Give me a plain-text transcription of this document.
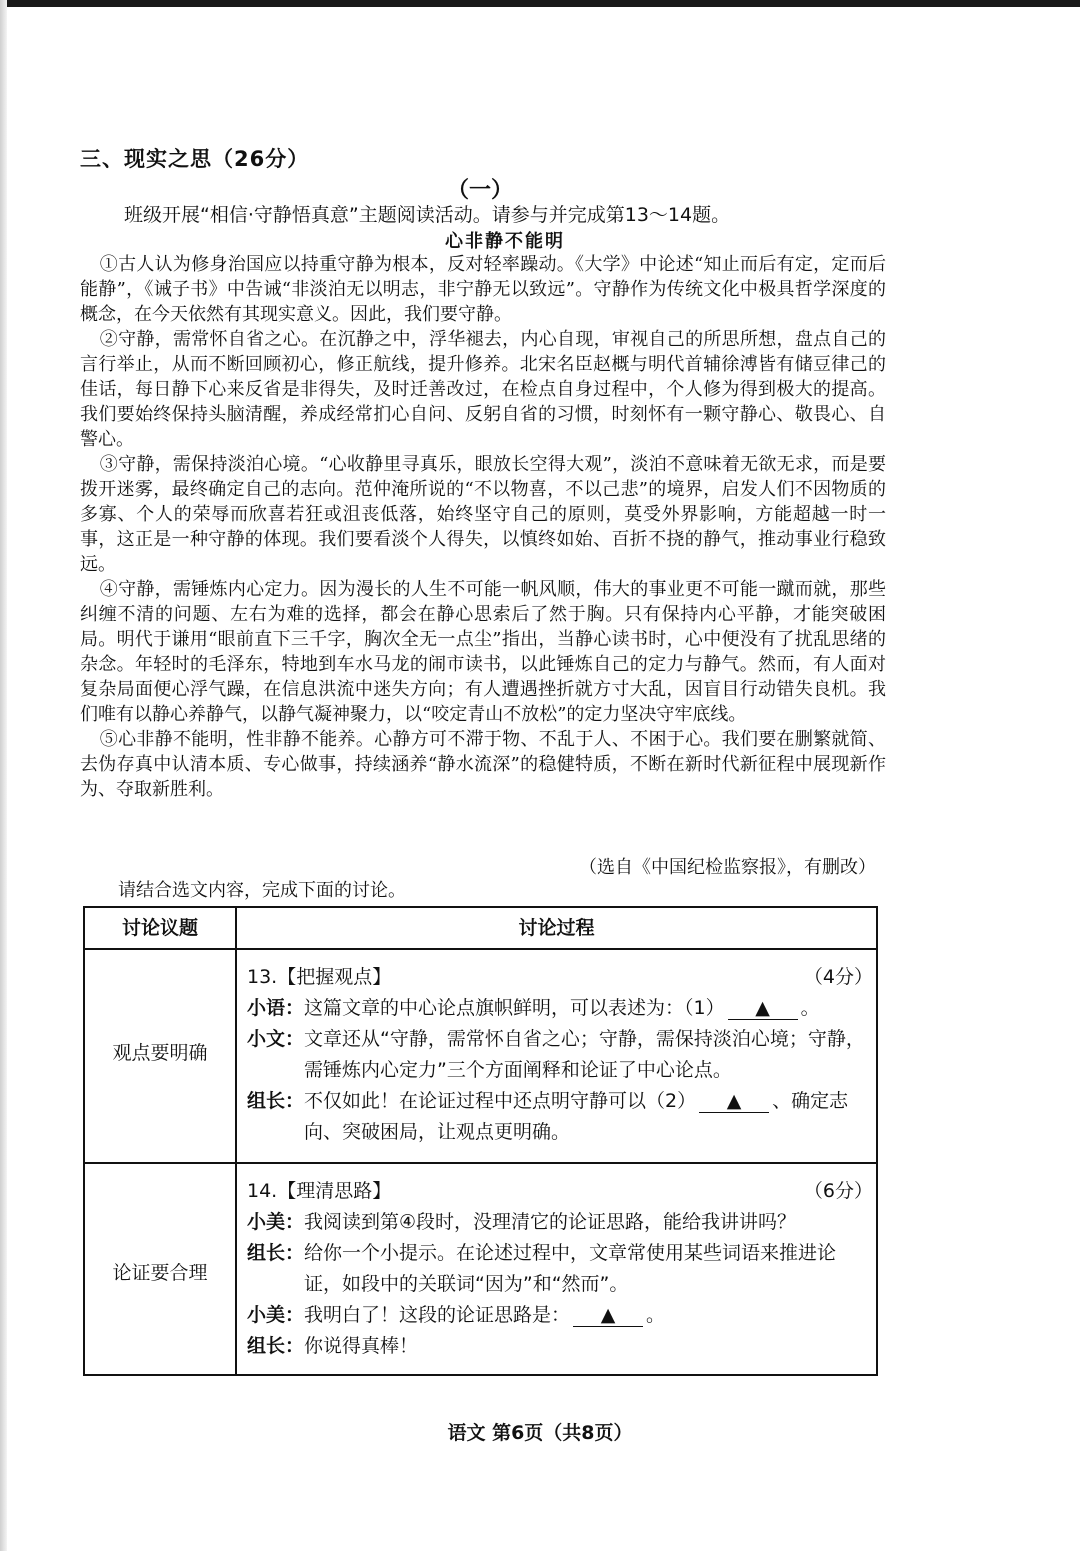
三、现实之思（26分）
（一）
班级开展“相信·守静悟真意”主题阅读活动。请参与并完成第13～14题。
心非静不能明

①古人认为修身治国应以持重守静为根本，反对轻率躁动。《大学》中论述“知止而后有定，定而后能静”，《诫子书》中告诫“非淡泊无以明志，非宁静无以致远”。守静作为传统文化中极具哲学深度的概念，在今天依然有其现实意义。因此，我们要守静。

②守静，需常怀自省之心。在沉静之中，浮华褪去，内心自现，审视自己的所思所想，盘点自己的言行举止，从而不断回顾初心，修正航线，提升修养。北宋名臣赵概与明代首辅徐溥皆有储豆律己的佳话，每日静下心来反省是非得失，及时迁善改过，在检点自身过程中，个人修为得到极大的提高。我们要始终保持头脑清醒，养成经常扪心自问、反躬自省的习惯，时刻怀有一颗守静心、敬畏心、自警心。

③守静，需保持淡泊心境。“心收静里寻真乐，眼放长空得大观”，淡泊不意味着无欲无求，而是要拨开迷雾，最终确定自己的志向。范仲淹所说的“不以物喜，不以己悲”的境界，启发人们不因物质的多寡、个人的荣辱而欣喜若狂或沮丧低落，始终坚守自己的原则，莫受外界影响，方能超越一时一事，这正是一种守静的体现。我们要看淡个人得失，以慎终如始、百折不挠的静气，推动事业行稳致远。

④守静，需锤炼内心定力。因为漫长的人生不可能一帆风顺，伟大的事业更不可能一蹴而就，那些纠缠不清的问题、左右为难的选择，都会在静心思索后了然于胸。只有保持内心平静，才能突破困局。明代于谦用“眼前直下三千字，胸次全无一点尘”指出，当静心读书时，心中便没有了扰乱思绪的杂念。年轻时的毛泽东，特地到车水马龙的闹市读书，以此锤炼自己的定力与静气。然而，有人面对复杂局面便心浮气躁，在信息洪流中迷失方向；有人遭遇挫折就方寸大乱，因盲目行动错失良机。我们唯有以静心养静气，以静气凝神聚力，以“咬定青山不放松”的定力坚决守牢底线。

⑤心非静不能明，性非静不能养。心静方可不滞于物、不乱于人、不困于心。我们要在删繁就简、去伪存真中认清本质、专心做事，持续涵养“静水流深”的稳健特质，不断在新时代新征程中展现新作为、夺取新胜利。

（选自《中国纪检监察报》，有删改）
请结合选文内容，完成下面的讨论。
讨论议题	讨论过程
观点要明确
13.【把握观点】	（4分）
小语： 这篇文章的中心论点旗帜鲜明，可以表述为：（1） ▲ 。
小文： 文章还从“守静，需常怀自省之心；守静，需保持淡泊心境；守静，需锤炼内心定力”三个方面阐释和论证了中心论点。
组长： 不仅如此！在论证过程中还点明守静可以（2） ▲ 、确定志向、突破困局，让观点更明确。
论证要合理
14.【理清思路】	（6分）
小美： 我阅读到第④段时，没理清它的论证思路，能给我讲讲吗？
组长： 给你一个小提示。在论述过程中，文章常使用某些词语来推进论证，如段中的关联词“因为”和“然而”。
小美： 我明白了！这段的论证思路是： ▲ 。
组长： 你说得真棒！
语文 第6页（共8页）
